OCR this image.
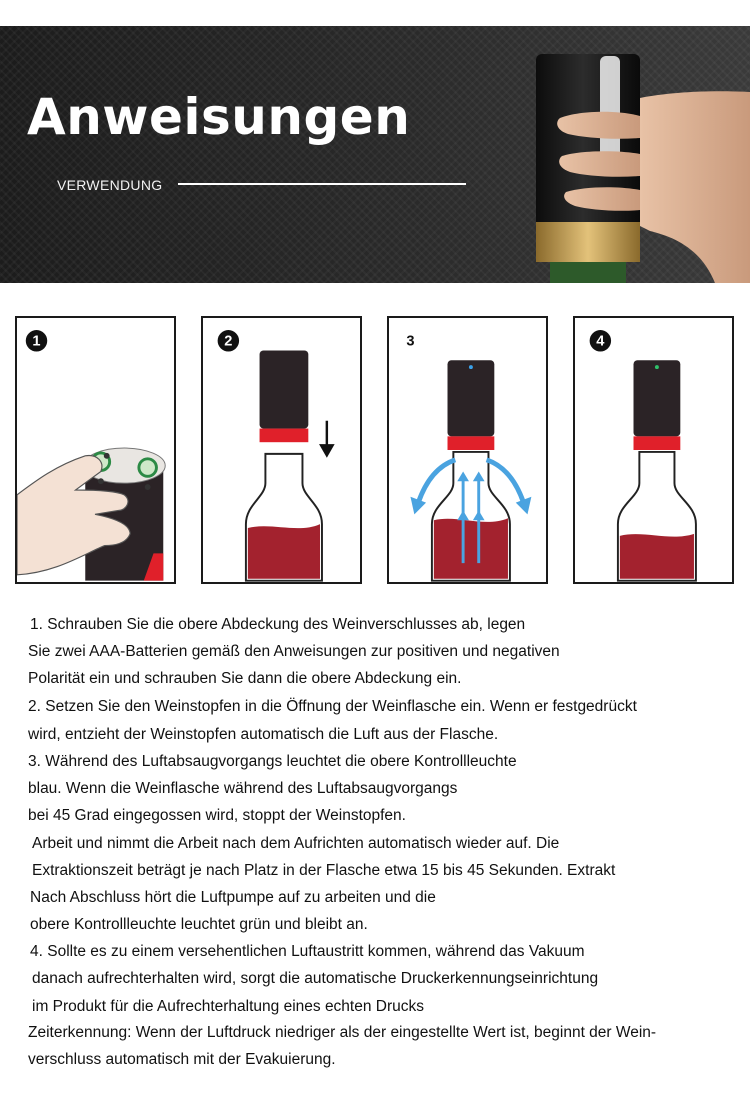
Anweisungen
VERWENDUNG
1	2	3	4
1. Schrauben Sie die obere Abdeckung des Weinverschlusses ab, legen
Sie zwei AAA-Batterien gemäß den Anweisungen zur positiven und negativen
Polarität ein und schrauben Sie dann die obere Abdeckung ein.
2. Setzen Sie den Weinstopfen in die Öffnung der Weinflasche ein. Wenn er festgedrückt
wird, entzieht der Weinstopfen automatisch die Luft aus der Flasche.
3. Während des Luftabsaugvorgangs leuchtet die obere Kontrollleuchte
blau. Wenn die Weinflasche während des Luftabsaugvorgangs
bei 45 Grad eingegossen wird, stoppt der Weinstopfen.
Arbeit und nimmt die Arbeit nach dem Aufrichten automatisch wieder auf. Die
Extraktionszeit beträgt je nach Platz in der Flasche etwa 15 bis 45 Sekunden. Extrakt
Nach Abschluss hört die Luftpumpe auf zu arbeiten und die
obere Kontrollleuchte leuchtet grün und bleibt an.
4. Sollte es zu einem versehentlichen Luftaustritt kommen, während das Vakuum
danach aufrechterhalten wird, sorgt die automatische Druckerkennungseinrichtung
im Produkt für die Aufrechterhaltung eines echten Drucks
Zeiterkennung: Wenn der Luftdruck niedriger als der eingestellte Wert ist, beginnt der Wein-
verschluss automatisch mit der Evakuierung.
